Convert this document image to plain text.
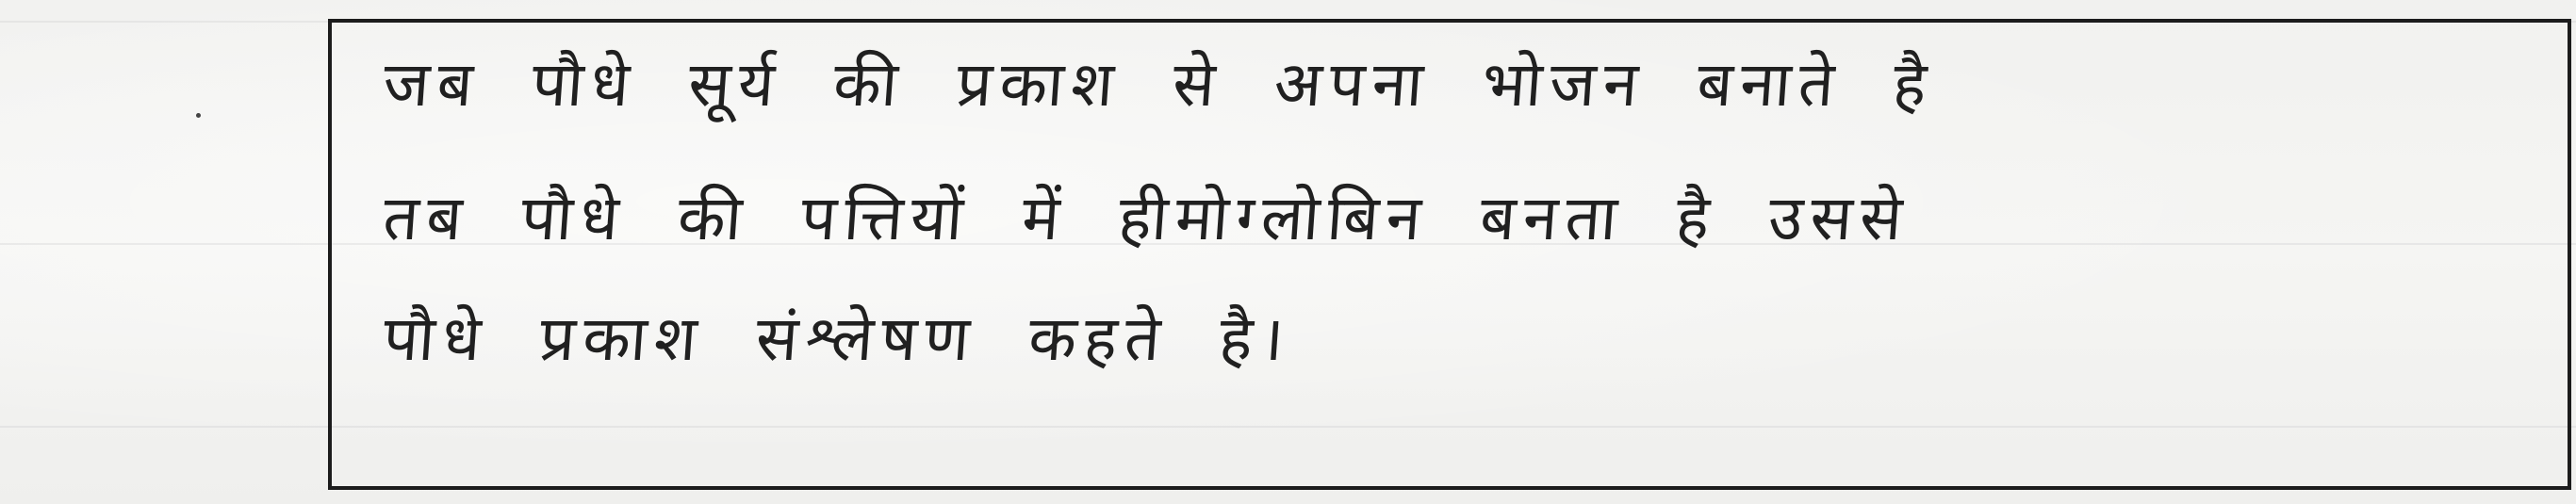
जब पौधे सूर्य की प्रकाश से अपना भोजन बनाते है
तब पौधे की पत्तियों में हीमोग्लोबिन बनता है उससे
पौधे प्रकाश संश्लेषण कहते है।
